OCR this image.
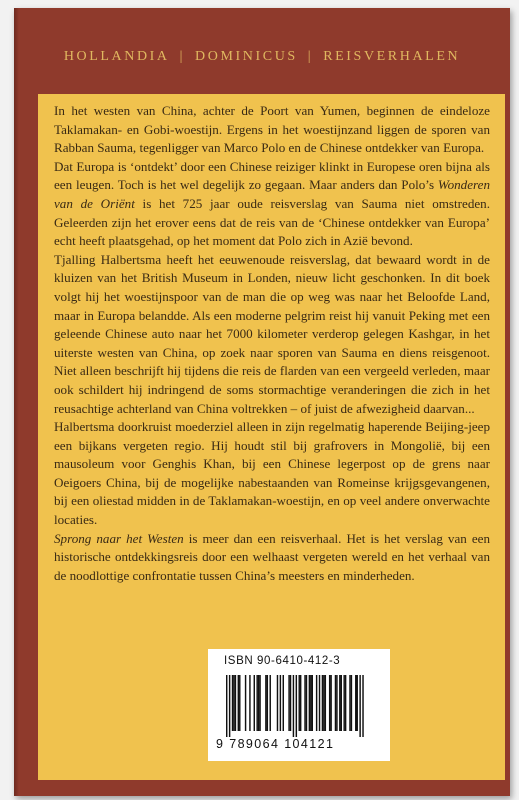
HOLLANDIA | DOMINICUS | REISVERHALEN

In het westen van China, achter de Poort van Yumen, beginnen de eindeloze Taklamakan- en Gobi-woestijn. Ergens in het woestijnzand liggen de sporen van Rabban Sauma, tegenligger van Marco Polo en de Chinese ontdekker van Europa.

Dat Europa is ‘ontdekt’ door een Chinese reiziger klinkt in Europese oren bijna als een leugen. Toch is het wel degelijk zo gegaan. Maar anders dan Polo’s Wonderen van de Oriënt is het 725 jaar oude reisverslag van Sauma niet omstreden. Geleerden zijn het erover eens dat de reis van de ‘Chinese ontdekker van Europa’ echt heeft plaatsgehad, op het moment dat Polo zich in Azië bevond.

Tjalling Halbertsma heeft het eeuwenoude reisverslag, dat bewaard wordt in de kluizen van het British Museum in Londen, nieuw licht geschonken. In dit boek volgt hij het woestijnspoor van de man die op weg was naar het Beloofde Land, maar in Europa belandde. Als een moderne pelgrim reist hij vanuit Peking met een geleende Chinese auto naar het 7000 kilometer verderop gelegen Kashgar, in het uiterste westen van China, op zoek naar sporen van Sauma en diens reisgenoot. Niet alleen beschrijft hij tijdens die reis de flarden van een vergeeld verleden, maar ook schildert hij indringend de soms stormachtige veranderingen die zich in het reusachtige achterland van China voltrekken – of juist de afwezigheid daarvan...

Halbertsma doorkruist moederziel alleen in zijn regelmatig haperende Beijing-jeep een bijkans vergeten regio. Hij houdt stil bij grafrovers in Mongolië, bij een mausoleum voor Genghis Khan, bij een Chinese legerpost op de grens naar Oeigoers China, bij de mogelijke nabestaanden van Romeinse krijgsgevangenen, bij een oliestad midden in de Taklamakan-woestijn, en op veel andere onverwachte locaties.

Sprong naar het Westen is meer dan een reisverhaal. Het is het verslag van een historische ontdekkingsreis door een welhaast vergeten wereld en het verhaal van de noodlottige confrontatie tussen China’s meesters en minderheden.

ISBN 90-6410-412-3
9 789064 104121
